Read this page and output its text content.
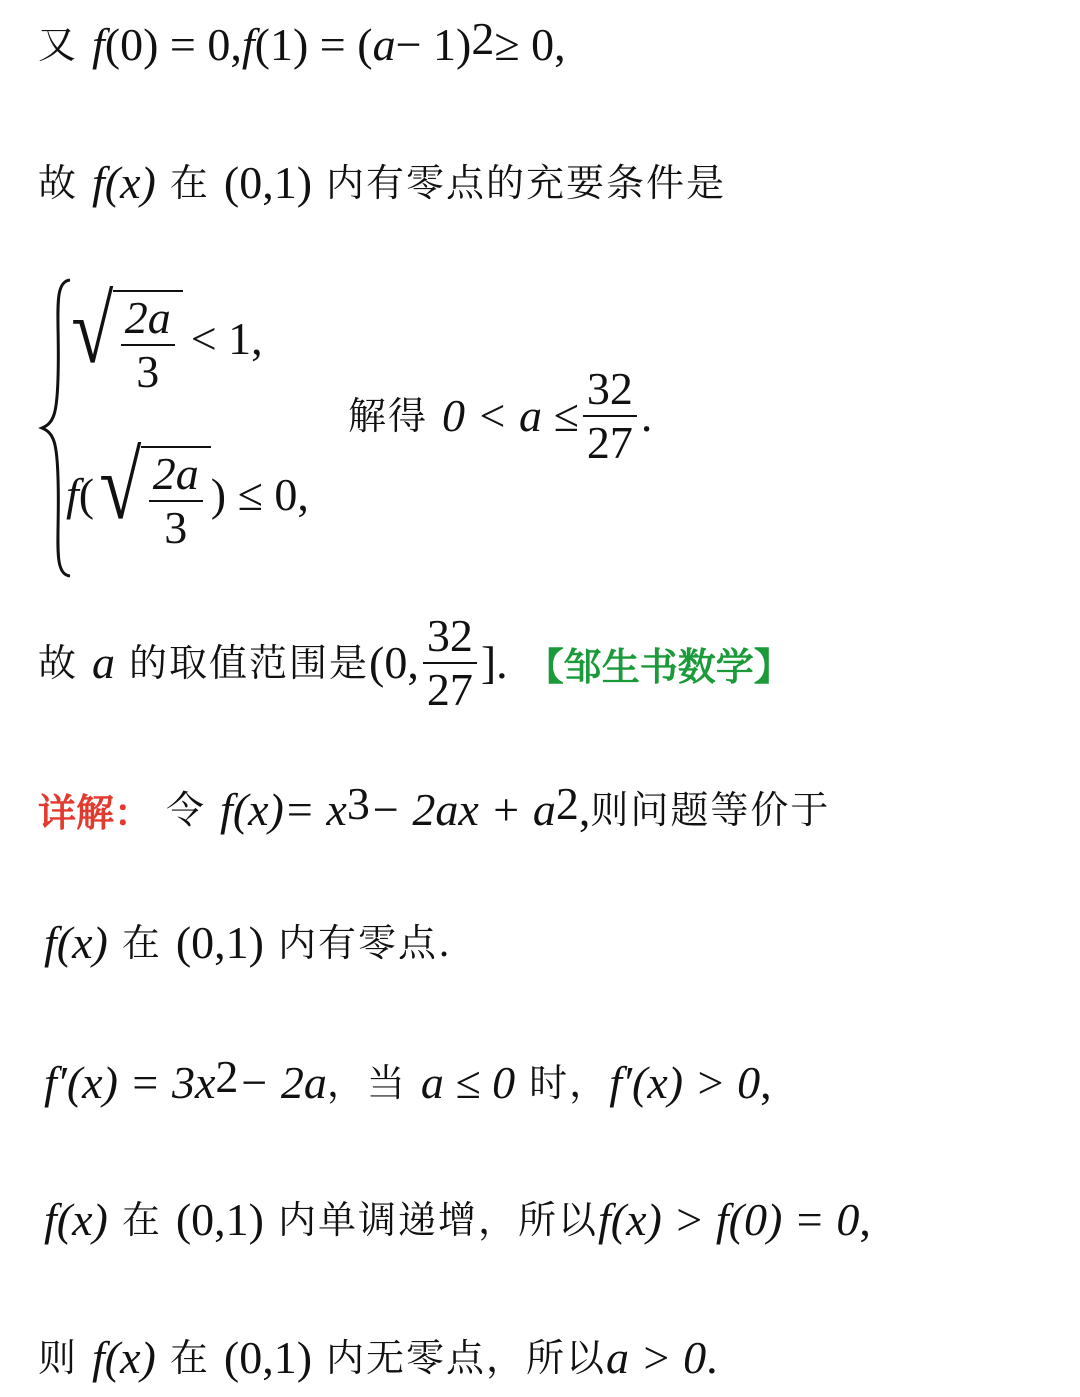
又 f (0) = 0, f (1) = ( a − 1)$^2$ ≥ 0,
故 f (x) 在 (0,1) 内有零点的充要条件是
√ $\frac{2a}{3} < 1$,
f ( √ $\frac{2a}{3}$ ) ≤ 0,
解得 $0 < a \le \frac{32}{27}$ .
故 a 的取值范围是 (0, $\frac{32}{27}$ ]. 【邹生书数学】
详解： 令 f $(x) = x^3 - 2ax + a^2$ , 则问题等价于
f (x) 在 (0,1) 内有零点.
$f'(x) = 3x^2 - 2a$ ，当 a ≤ 0 时， f′(x) > 0 ,
f(x) 在 (0,1) 内单调递增，所以 f(x) > f(0) = 0 ,
则 f(x) 在 (0,1) 内无零点，所以 a > 0 .
